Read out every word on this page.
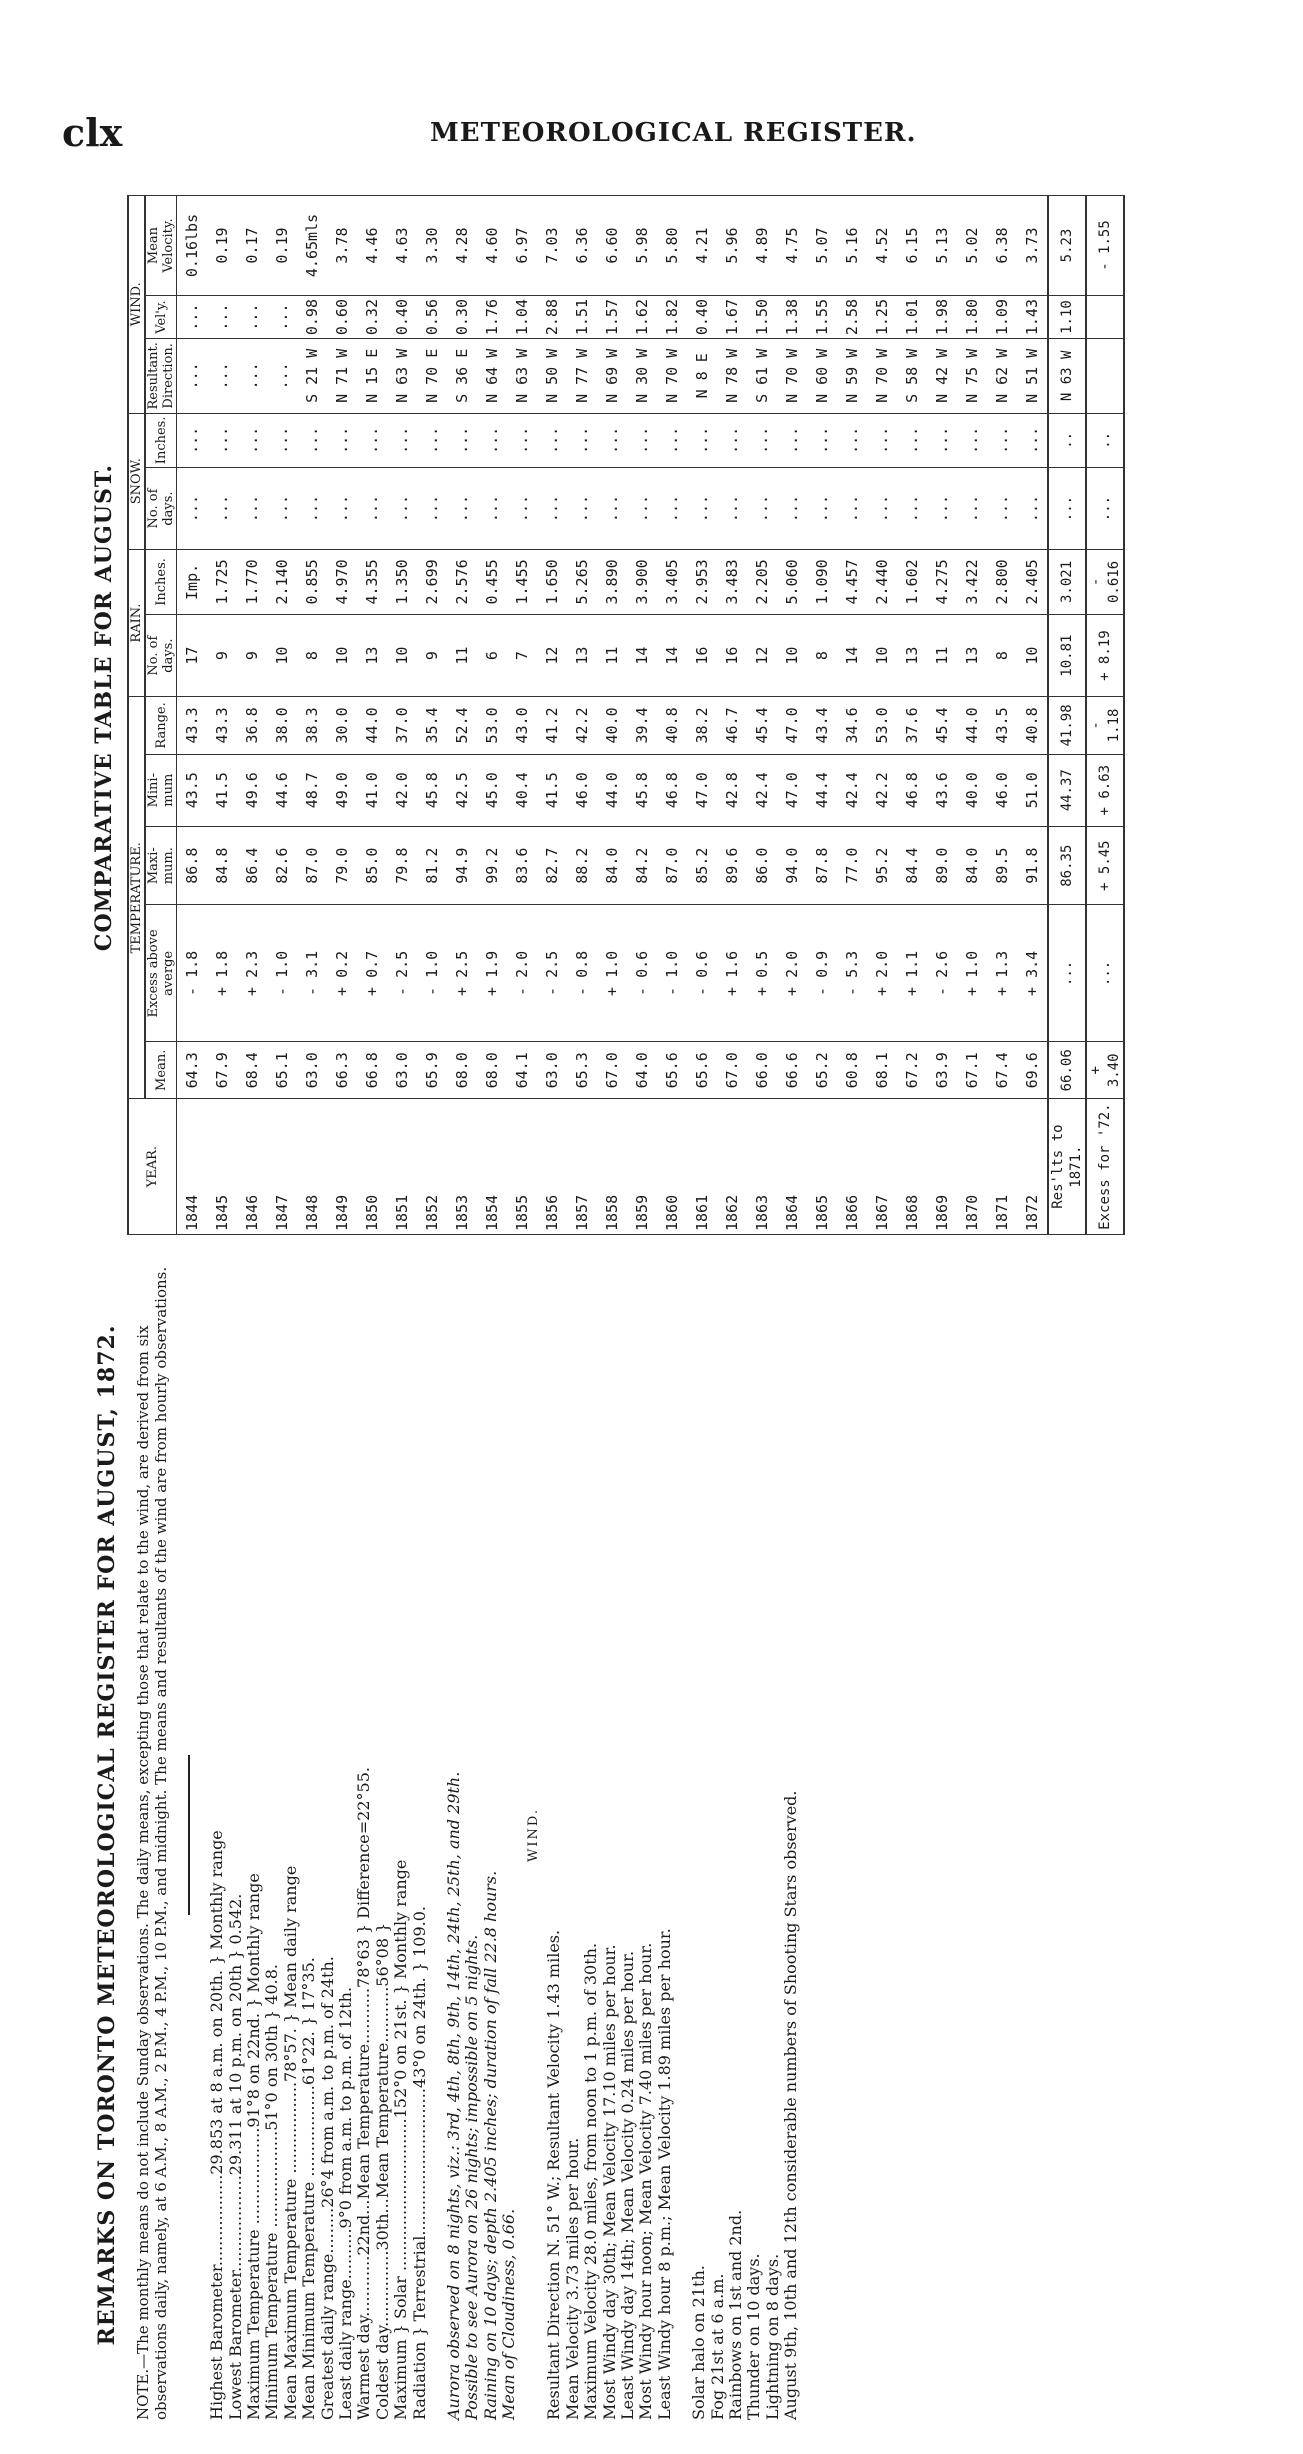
clx	METEOROLOGICAL REGISTER.
REMARKS ON TORONTO METEOROLOGICAL REGISTER FOR AUGUST, 1872. NOTE.—The monthly means do not include Sunday observations. The daily means, excepting those that relate to the wind, are derived from six observations daily, namely, at 6 A.M., 8 A.M., 2 P.M., 4 P.M., 10 P.M., and midnight. The means and resultants of the wind are from hourly observations. Highest Barometer..................29.853 at 8 a.m. on 20th. } Monthly range Lowest Barometer...................29.311 at 10 p.m. on 20th } 0.542. Maximum Temperature ...................91°8 on 22nd. } Monthly range Minimum Temperature ...................51°0 on 30th } 40.8. Mean Maximum Temperature ..................78°57. } Mean daily range Mean Minimum Temperature ..................61°22. } 17°35. Greatest daily range.........26°4 from a.m. to p.m. of 24th. Least daily range..........9°0 from a.m. to p.m. of 12th. Warmest day............22nd...Mean Temperature...........78°63 } Difference=22°55. Coldest day...............30th...Mean Temperature...........56°08 } Maximum } Solar ..............................152°0 on 21st. } Monthly range Radiation } Terrestrial.............................43°0 on 24th. } 109.0. Aurora observed on 8 nights, viz.: 3rd, 4th, 8th, 9th, 14th, 24th, 25th, and 29th. Possible to see Aurora on 26 nights; impossible on 5 nights. Raining on 10 days; depth 2.405 inches; duration of fall 22.8 hours. Mean of Cloudiness, 0.66.

WIND.

Resultant Direction N. 51° W.; Resultant Velocity 1.43 miles. Mean Velocity 3.73 miles per hour. Maximum Velocity 28.0 miles, from noon to 1 p.m. of 30th. Most Windy day 30th; Mean Velocity 17.10 miles per hour. Least Windy day 14th; Mean Velocity 0.24 miles per hour. Most Windy hour noon; Mean Velocity 7.40 miles per hour. Least Windy hour 8 p.m.; Mean Velocity 1.89 miles per hour. Solar halo on 21th. Fog 21st at 6 a.m. Rainbows on 1st and 2nd. Thunder on 10 days. Lightning on 8 days. August 9th, 10th and 12th considerable numbers of Shooting Stars observed.

COMPARATIVE TABLE FOR AUGUST.
YEAR.	TEMPERATURE.					RAIN.		SNOW.		WIND.		
	Mean.	Excess above averge	Maxi-mum.	Mini-mum	Range.	No. of days.	Inches.	No. of days.	Inches.	Resultant. Direction.	Vel'y.	Mean Velocity.
1844	64.3	- 1.8	86.8	43.5	43.3	17	Imp.	...	...	...	...	0.16lbs
1845	67.9	+ 1.8	84.8	41.5	43.3	9	1.725	...	...	...	...	0.19
1846	68.4	+ 2.3	86.4	49.6	36.8	9	1.770	...	...	...	...	0.17
1847	65.1	- 1.0	82.6	44.6	38.0	10	2.140	...	...	...	...	0.19
1848	63.0	- 3.1	87.0	48.7	38.3	8	0.855	...	...	S 21 W	0.98	4.65mls
1849	66.3	+ 0.2	79.0	49.0	30.0	10	4.970	...	...	N 71 W	0.60	3.78
1850	66.8	+ 0.7	85.0	41.0	44.0	13	4.355	...	...	N 15 E	0.32	4.46
1851	63.0	- 2.5	79.8	42.0	37.0	10	1.350	...	...	N 63 W	0.40	4.63
1852	65.9	- 1.0	81.2	45.8	35.4	9	2.699	...	...	N 70 E	0.56	3.30
1853	68.0	+ 2.5	94.9	42.5	52.4	11	2.576	...	...	S 36 E	0.30	4.28
1854	68.0	+ 1.9	99.2	45.0	53.0	6	0.455	...	...	N 64 W	1.76	4.60
1855	64.1	- 2.0	83.6	40.4	43.0	7	1.455	...	...	N 63 W	1.04	6.97
1856	63.0	- 2.5	82.7	41.5	41.2	12	1.650	...	...	N 50 W	2.88	7.03
1857	65.3	- 0.8	88.2	46.0	42.2	13	5.265	...	...	N 77 W	1.51	6.36
1858	67.0	+ 1.0	84.0	44.0	40.0	11	3.890	...	...	N 69 W	1.57	6.60
1859	64.0	- 0.6	84.2	45.8	39.4	14	3.900	...	...	N 30 W	1.62	5.98
1860	65.6	- 1.0	87.0	46.8	40.8	14	3.405	...	...	N 70 W	1.82	5.80
1861	65.6	- 0.6	85.2	47.0	38.2	16	2.953	...	...	N 8 E	0.40	4.21
1862	67.0	+ 1.6	89.6	42.8	46.7	16	3.483	...	...	N 78 W	1.67	5.96
1863	66.0	+ 0.5	86.0	42.4	45.4	12	2.205	...	...	S 61 W	1.50	4.89
1864	66.6	+ 2.0	94.0	47.0	47.0	10	5.060	...	...	N 70 W	1.38	4.75
1865	65.2	- 0.9	87.8	44.4	43.4	8	1.090	...	...	N 60 W	1.55	5.07
1866	60.8	- 5.3	77.0	42.4	34.6	14	4.457	...	...	N 59 W	2.58	5.16
1867	68.1	+ 2.0	95.2	42.2	53.0	10	2.440	...	...	N 70 W	1.25	4.52
1868	67.2	+ 1.1	84.4	46.8	37.6	13	1.602	...	...	S 58 W	1.01	6.15
1869	63.9	- 2.6	89.0	43.6	45.4	11	4.275	...	...	N 42 W	1.98	5.13
1870	67.1	+ 1.0	84.0	40.0	44.0	13	3.422	...	...	N 75 W	1.80	5.02
1871	67.4	+ 1.3	89.5	46.0	43.5	8	2.800	...	...	N 62 W	1.09	6.38
1872	69.6	+ 3.4	91.8	51.0	40.8	10	2.405	...	...	N 51 W	1.43	3.73
Res'lts to 1871.	66.06	...	86.35	44.37	41.98	10.81	3.021	...	..	N 63 W	1.10	5.23
Excess for '72.	+ 3.40	...	+ 5.45	+ 6.63	- 1.18	+ 8.19	- 0.616	...	..			- 1.55
